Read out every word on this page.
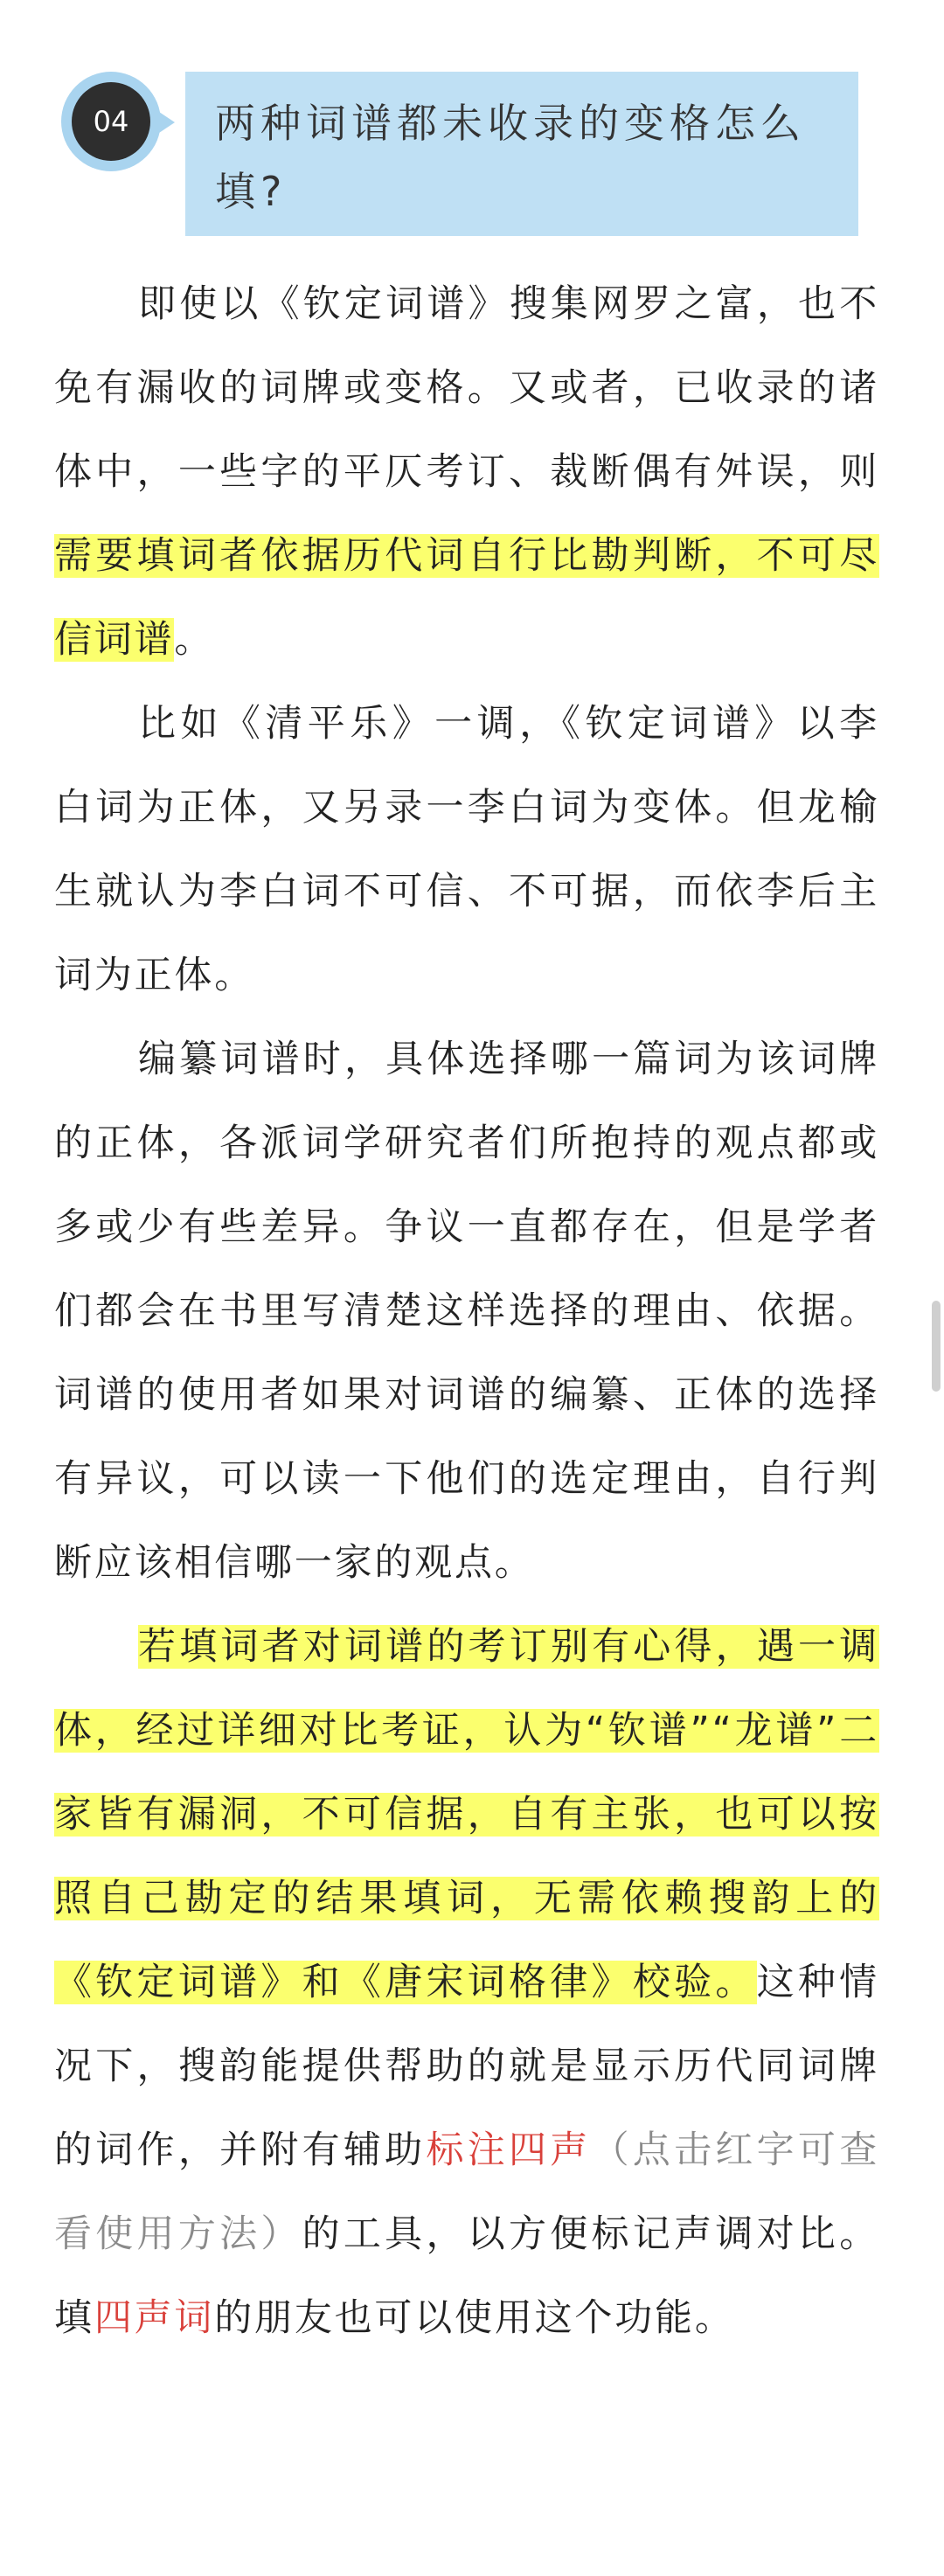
两种词谱都未收录的变格怎么填?
04

即使以《钦定词谱》搜集网罗之富，也不免有漏收的词牌或变格。又或者，已收录的诸体中，一些字的平仄考订、裁断偶有舛误，则需要填词者依据历代词自行比勘判断，不可尽信词谱。

比如《清平乐》一调，《钦定词谱》以李白词为正体，又另录一李白词为变体。但龙榆生就认为李白词不可信、不可据，而依李后主词为正体。

编纂词谱时，具体选择哪一篇词为该词牌的正体，各派词学研究者们所抱持的观点都或多或少有些差异。争议一直都存在，但是学者们都会在书里写清楚这样选择的理由、依据。词谱的使用者如果对词谱的编纂、正体的选择有异议，可以读一下他们的选定理由，自行判断应该相信哪一家的观点。

若填词者对词谱的考订别有心得，遇一调体，经过详细对比考证，认为“钦谱”“龙谱”二家皆有漏洞，不可信据，自有主张，也可以按照自己勘定的结果填词，无需依赖搜韵上的《钦定词谱》和《唐宋词格律》校验。这种情况下，搜韵能提供帮助的就是显示历代同词牌的词作，并附有辅助标注四声（点击红字可查看使用方法）的工具，以方便标记声调对比。填四声词的朋友也可以使用这个功能。
